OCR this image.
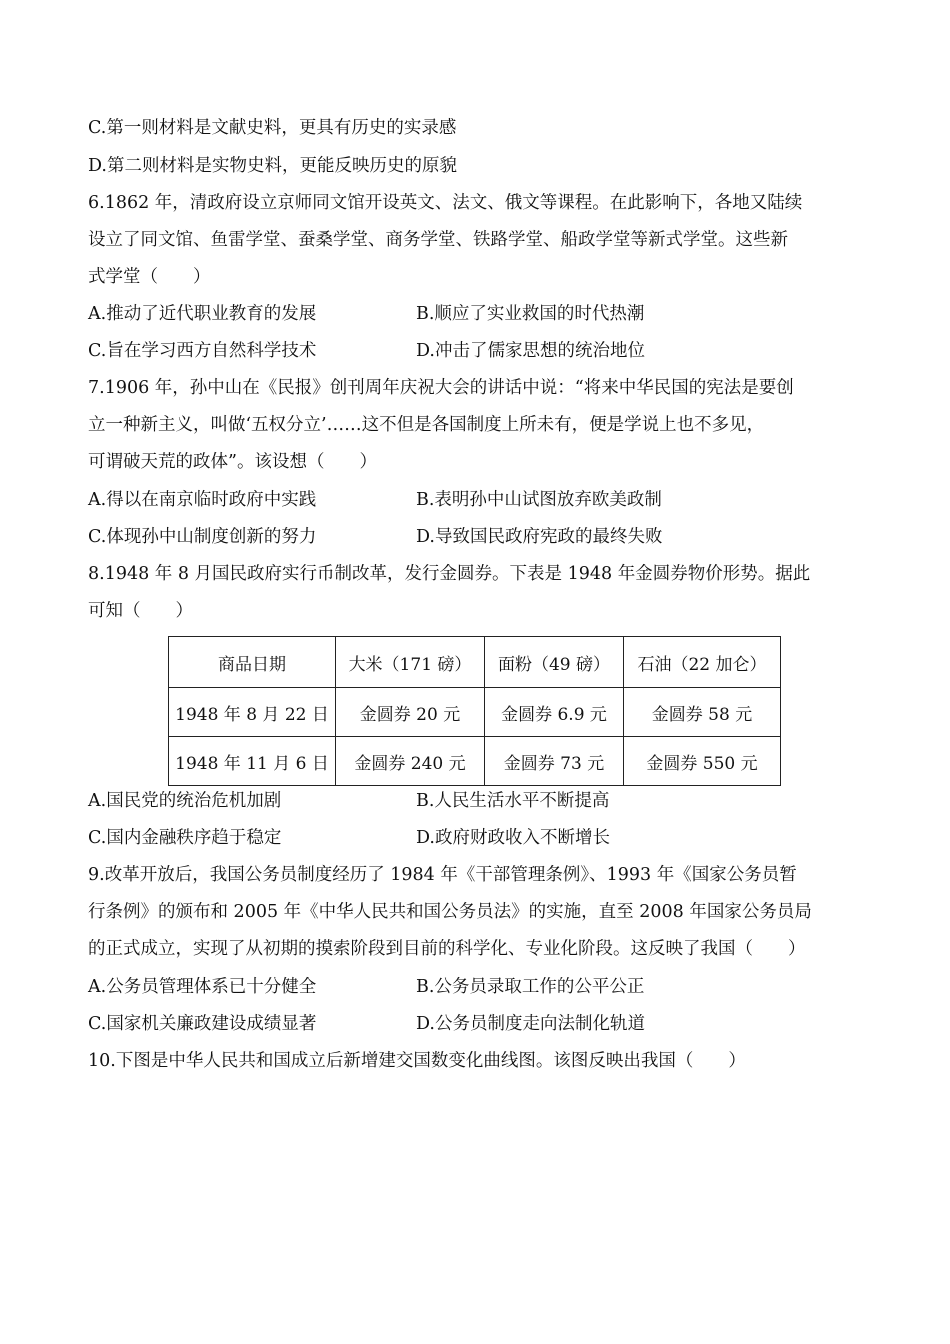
C.第一则材料是文献史料，更具有历史的实录感
D.第二则材料是实物史料，更能反映历史的原貌
6.1862 年，清政府设立京师同文馆开设英文、法文、俄文等课程。在此影响下，各地又陆续
设立了同文馆、鱼雷学堂、蚕桑学堂、商务学堂、铁路学堂、船政学堂等新式学堂。这些新
式学堂（　　）
A.推动了近代职业教育的发展	B.顺应了实业救国的时代热潮
C.旨在学习西方自然科学技术	D.冲击了儒家思想的统治地位
7.1906 年，孙中山在《民报》创刊周年庆祝大会的讲话中说：“将来中华民国的宪法是要创
立一种新主义，叫做‘五权分立’……这不但是各国制度上所未有，便是学说上也不多见，
可谓破天荒的政体”。该设想（　　）
A.得以在南京临时政府中实践	B.表明孙中山试图放弃欧美政制
C.体现孙中山制度创新的努力	D.导致国民政府宪政的最终失败
8.1948 年 8 月国民政府实行币制改革，发行金圆券。下表是 1948 年金圆券物价形势。据此
可知（　　）
商品日期	大米（171 磅）	面粉（49 磅）	石油（22 加仑）
1948 年 8 月 22 日	金圆券 20 元	金圆券 6.9 元	金圆券 58 元
1948 年 11 月 6 日	金圆券 240 元	金圆券 73 元	金圆券 550 元
A.国民党的统治危机加剧	B.人民生活水平不断提高
C.国内金融秩序趋于稳定	D.政府财政收入不断增长
9.改革开放后，我国公务员制度经历了 1984 年《干部管理条例》、1993 年《国家公务员暂
行条例》的颁布和 2005 年《中华人民共和国公务员法》的实施，直至 2008 年国家公务员局
的正式成立，实现了从初期的摸索阶段到目前的科学化、专业化阶段。这反映了我国（　　）
A.公务员管理体系已十分健全	B.公务员录取工作的公平公正
C.国家机关廉政建设成绩显著	D.公务员制度走向法制化轨道
10.下图是中华人民共和国成立后新增建交国数变化曲线图。该图反映出我国（　　）
